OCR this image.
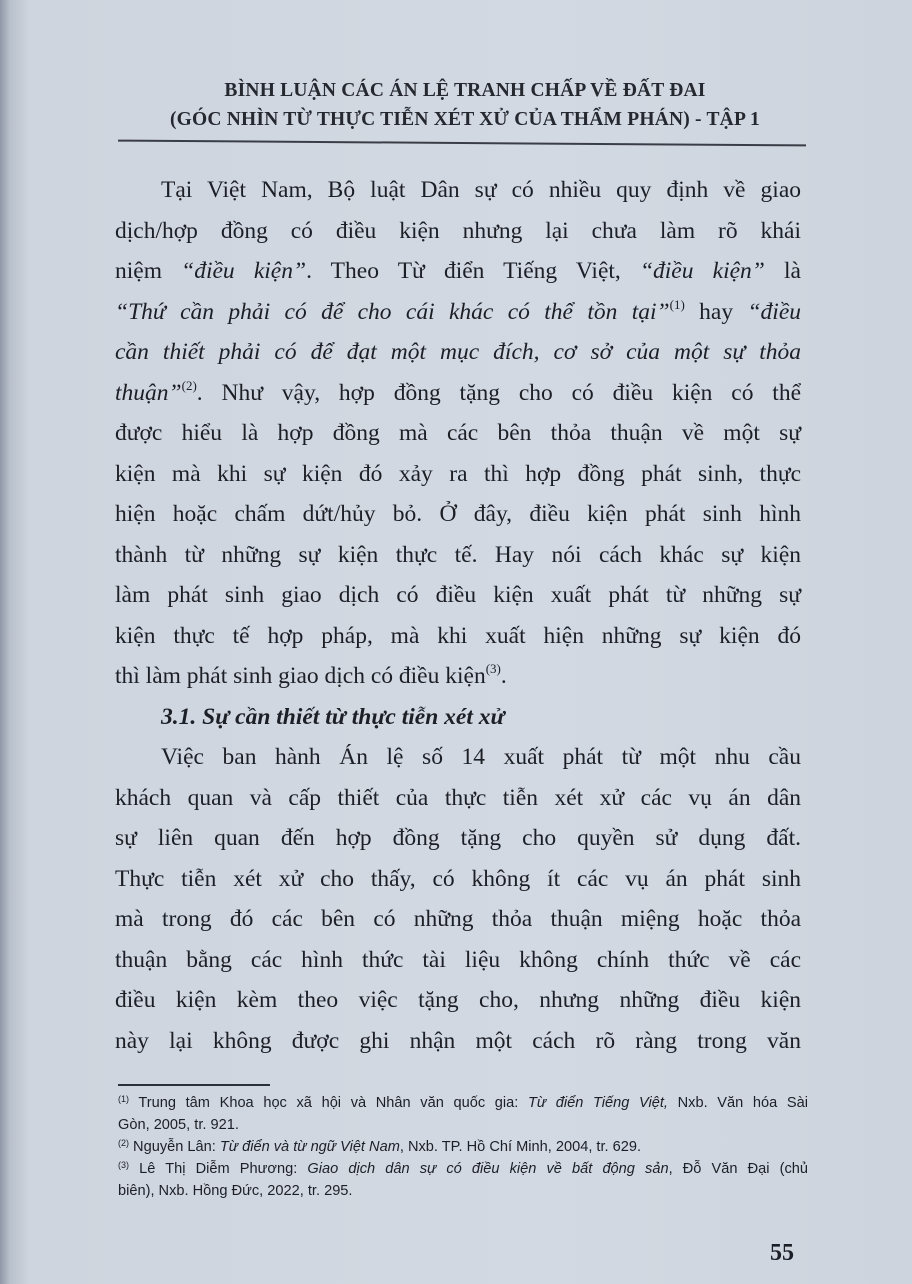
BÌNH LUẬN CÁC ÁN LỆ TRANH CHẤP VỀ ĐẤT ĐAI
(GÓC NHÌN TỪ THỰC TIỄN XÉT XỬ CỦA THẨM PHÁN) - TẬP 1
Tại Việt Nam, Bộ luật Dân sự có nhiều quy định về giao
dịch/hợp đồng có điều kiện nhưng lại chưa làm rõ khái
niệm “điều kiện”. Theo Từ điển Tiếng Việt, “điều kiện” là
“Thứ cần phải có để cho cái khác có thể tồn tại”$^{(1)}$ hay “điều
cần thiết phải có để đạt một mục đích, cơ sở của một sự thỏa
thuận”$^{(2)}$. Như vậy, hợp đồng tặng cho có điều kiện có thể
được hiểu là hợp đồng mà các bên thỏa thuận về một sự
kiện mà khi sự kiện đó xảy ra thì hợp đồng phát sinh, thực
hiện hoặc chấm dứt/hủy bỏ. Ở đây, điều kiện phát sinh hình
thành từ những sự kiện thực tế. Hay nói cách khác sự kiện
làm phát sinh giao dịch có điều kiện xuất phát từ những sự
kiện thực tế hợp pháp, mà khi xuất hiện những sự kiện đó
thì làm phát sinh giao dịch có điều kiện$^{(3)}$.
3.1. Sự cần thiết từ thực tiễn xét xử
Việc ban hành Án lệ số 14 xuất phát từ một nhu cầu
khách quan và cấp thiết của thực tiễn xét xử các vụ án dân
sự liên quan đến hợp đồng tặng cho quyền sử dụng đất.
Thực tiễn xét xử cho thấy, có không ít các vụ án phát sinh
mà trong đó các bên có những thỏa thuận miệng hoặc thỏa
thuận bằng các hình thức tài liệu không chính thức về các
điều kiện kèm theo việc tặng cho, nhưng những điều kiện
này lại không được ghi nhận một cách rõ ràng trong văn
$^{(1)}$ Trung tâm Khoa học xã hội và Nhân văn quốc gia: Từ điển Tiếng Việt, Nxb. Văn hóa Sài
Gòn, 2005, tr. 921.
$^{(2)}$ Nguyễn Lân: Từ điển và từ ngữ Việt Nam, Nxb. TP. Hồ Chí Minh, 2004, tr. 629.
$^{(3)}$ Lê Thị Diễm Phương: Giao dịch dân sự có điều kiện về bất động sản, Đỗ Văn Đại (chủ
biên), Nxb. Hồng Đức, 2022, tr. 295.
55
